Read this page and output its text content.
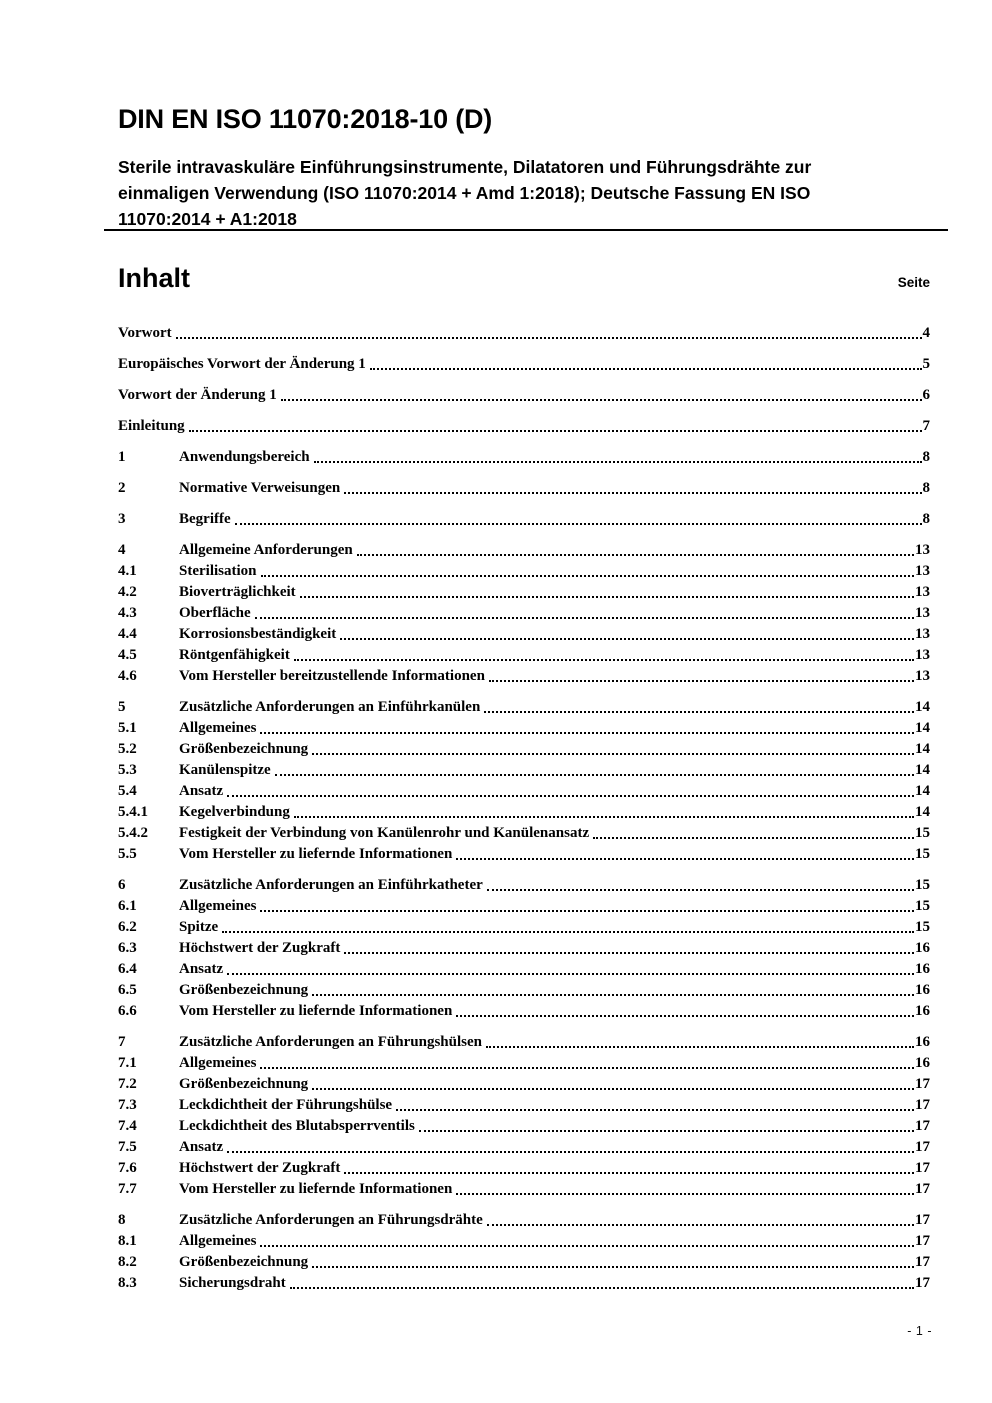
DIN EN ISO 11070:2018-10 (D)
Sterile intravaskuläre Einführungsinstrumente, Dilatatoren und Führungsdrähte zur
einmaligen Verwendung (ISO 11070:2014 + Amd 1:2018); Deutsche Fassung EN ISO
11070:2014 + A1:2018
Inhalt	Seite
Vorwort	4
Europäisches Vorwort der Änderung 1	5
Vorwort der Änderung 1	6
Einleitung	7
1	Anwendungsbereich	8
2	Normative Verweisungen	8
3	Begriffe	8
4	Allgemeine Anforderungen	13
4.1	Sterilisation	13
4.2	Bioverträglichkeit	13
4.3	Oberfläche	13
4.4	Korrosionsbeständigkeit	13
4.5	Röntgenfähigkeit	13
4.6	Vom Hersteller bereitzustellende Informationen	13
5	Zusätzliche Anforderungen an Einführkanülen	14
5.1	Allgemeines	14
5.2	Größenbezeichnung	14
5.3	Kanülenspitze	14
5.4	Ansatz	14
5.4.1	Kegelverbindung	14
5.4.2	Festigkeit der Verbindung von Kanülenrohr und Kanülenansatz	15
5.5	Vom Hersteller zu liefernde Informationen	15
6	Zusätzliche Anforderungen an Einführkatheter	15
6.1	Allgemeines	15
6.2	Spitze	15
6.3	Höchstwert der Zugkraft	16
6.4	Ansatz	16
6.5	Größenbezeichnung	16
6.6	Vom Hersteller zu liefernde Informationen	16
7	Zusätzliche Anforderungen an Führungshülsen	16
7.1	Allgemeines	16
7.2	Größenbezeichnung	17
7.3	Leckdichtheit der Führungshülse	17
7.4	Leckdichtheit des Blutabsperrventils	17
7.5	Ansatz	17
7.6	Höchstwert der Zugkraft	17
7.7	Vom Hersteller zu liefernde Informationen	17
8	Zusätzliche Anforderungen an Führungsdrähte	17
8.1	Allgemeines	17
8.2	Größenbezeichnung	17
8.3	Sicherungsdraht	17
- 1 -
